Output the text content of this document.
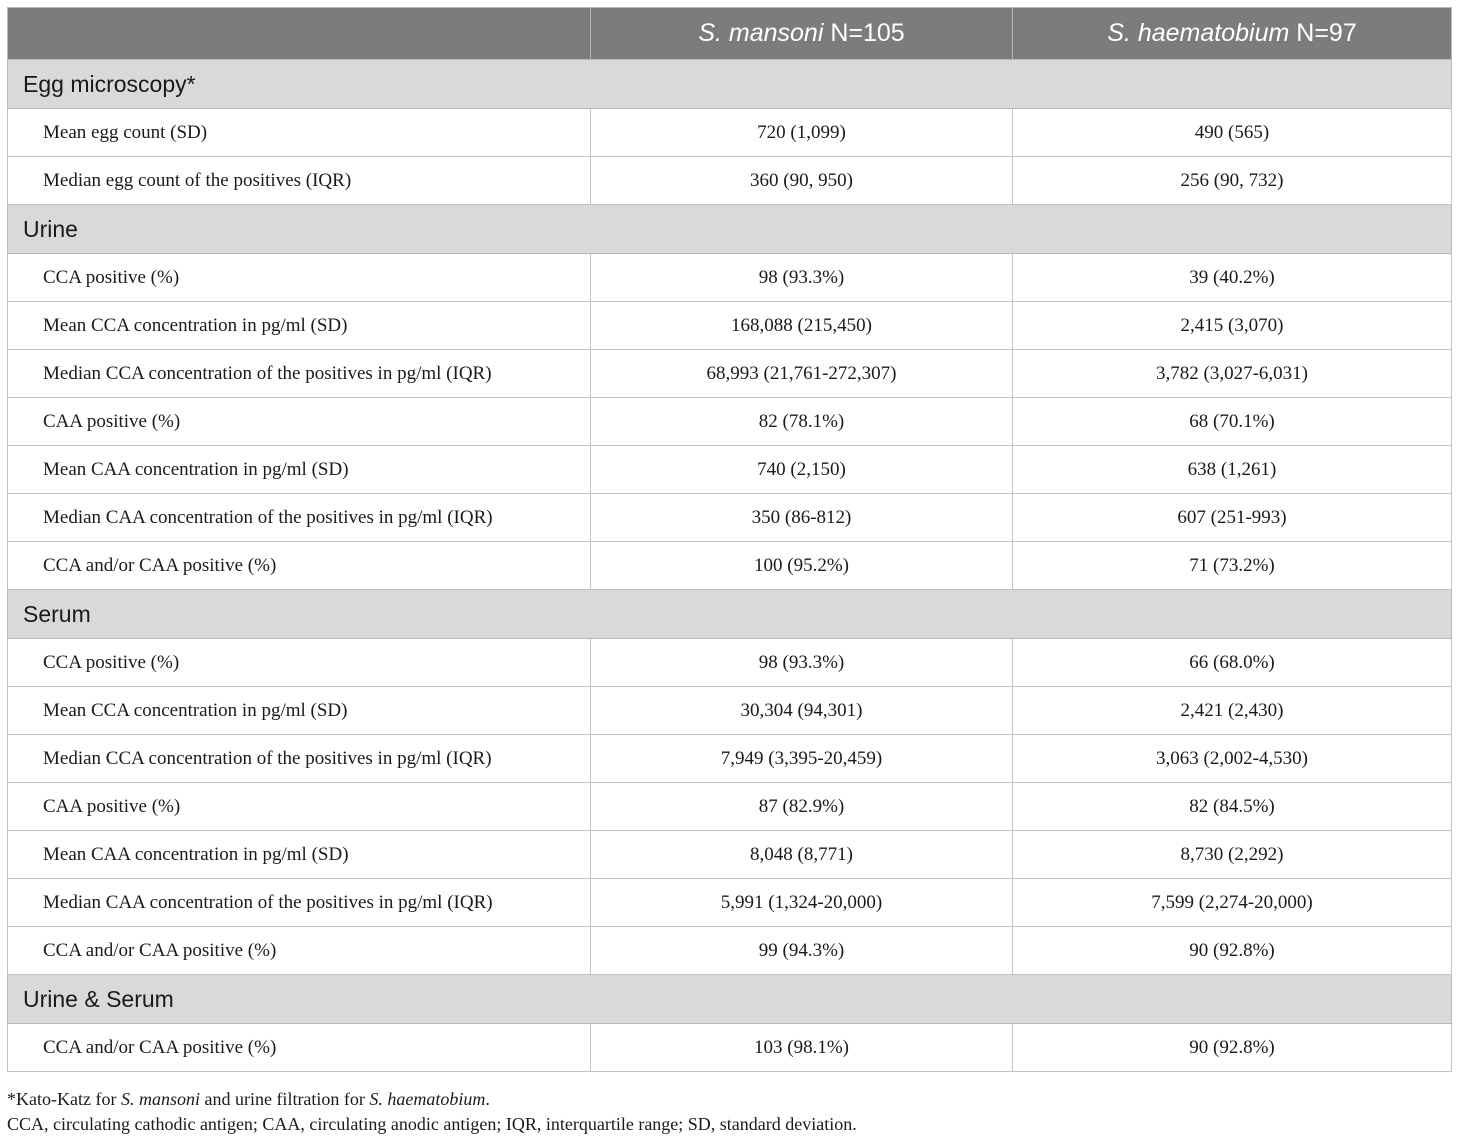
	S. mansoni N=105	S. haematobium N=97
Egg microscopy*		
Mean egg count (SD)	720 (1,099)	490 (565)
Median egg count of the positives (IQR)	360 (90, 950)	256 (90, 732)
Urine		
CCA positive (%)	98 (93.3%)	39 (40.2%)
Mean CCA concentration in pg/ml (SD)	168,088 (215,450)	2,415 (3,070)
Median CCA concentration of the positives in pg/ml (IQR)	68,993 (21,761-272,307)	3,782 (3,027-6,031)
CAA positive (%)	82 (78.1%)	68 (70.1%)
Mean CAA concentration in pg/ml (SD)	740 (2,150)	638 (1,261)
Median CAA concentration of the positives in pg/ml (IQR)	350 (86-812)	607 (251-993)
CCA and/or CAA positive (%)	100 (95.2%)	71 (73.2%)
Serum		
CCA positive (%)	98 (93.3%)	66 (68.0%)
Mean CCA concentration in pg/ml (SD)	30,304 (94,301)	2,421 (2,430)
Median CCA concentration of the positives in pg/ml (IQR)	7,949 (3,395-20,459)	3,063 (2,002-4,530)
CAA positive (%)	87 (82.9%)	82 (84.5%)
Mean CAA concentration in pg/ml (SD)	8,048 (8,771)	8,730 (2,292)
Median CAA concentration of the positives in pg/ml (IQR)	5,991 (1,324-20,000)	7,599 (2,274-20,000)
CCA and/or CAA positive (%)	99 (94.3%)	90 (92.8%)
Urine & Serum		
CCA and/or CAA positive (%)	103 (98.1%)	90 (92.8%)
*Kato-Katz for S. mansoni and urine filtration for S. haematobium.
CCA, circulating cathodic antigen; CAA, circulating anodic antigen; IQR, interquartile range; SD, standard deviation.
